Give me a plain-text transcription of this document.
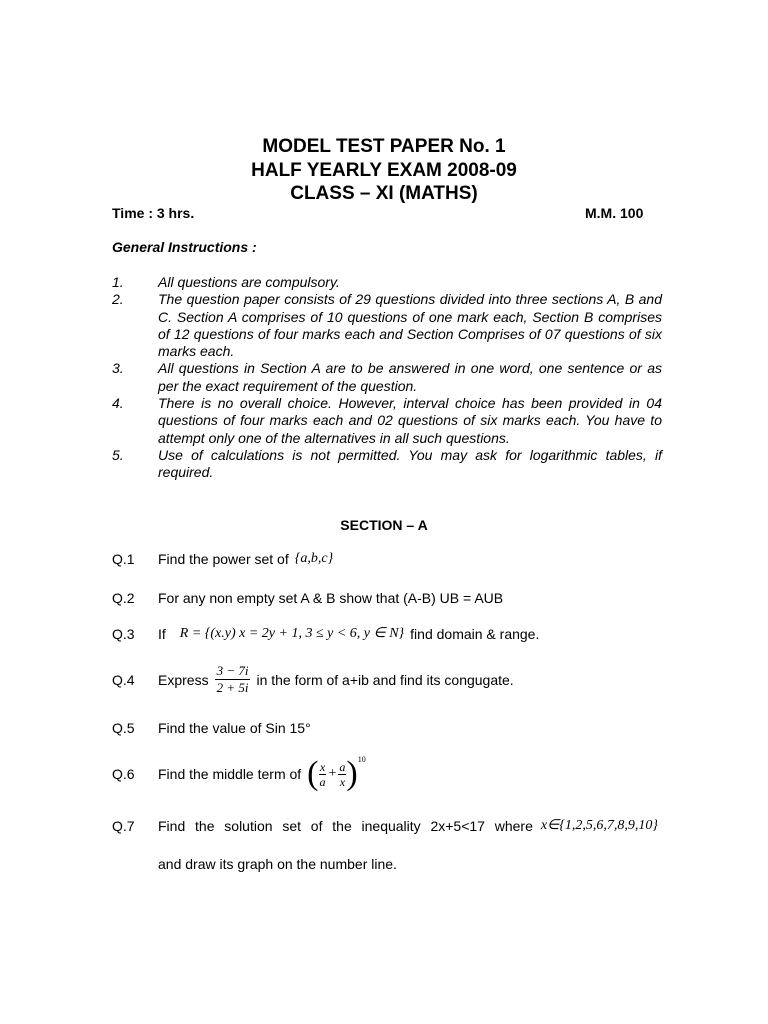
MODEL TEST PAPER No. 1
HALF YEARLY EXAM 2008-09
CLASS – XI (MATHS)
Time : 3 hrs.	M.M. 100
General Instructions :
1.	All questions are compulsory.
2.	The question paper consists of 29 questions divided into three sections A, B and C. Section A comprises of 10 questions of one mark each, Section B comprises of 12 questions of four marks each and Section Comprises of 07 questions of six marks each.
3.	All questions in Section A are to be answered in one word, one sentence or as per the exact requirement of the question.
4.	There is no overall choice. However, interval choice has been provided in 04 questions of four marks each and 02 questions of six marks each. You have to attempt only one of the alternatives in all such questions.
5.	Use of calculations is not permitted. You may ask for logarithmic tables, if required.
SECTION – A
Q.1	Find the power set of {a,b,c}
Q.2	For any non empty set A & B show that (A-B) UB = AUB
Q.3	If R = {(x.y) x = 2y + 1, 3 ≤ y < 6, y ∈ N} find domain & range.
Q.4	Express $\frac{3 - 7i}{2 + 5i}$ in the form of a+ib and find its congugate.
Q.5	Find the value of Sin 15°
Q.6	Find the middle term of ( $\frac{x}{a} + \frac{a}{x}$ ) 10
Q.7	Find the solution set of the inequality 2x+5<17 where x∈{1,2,5,6,7,8,9,10}
and draw its graph on the number line.
